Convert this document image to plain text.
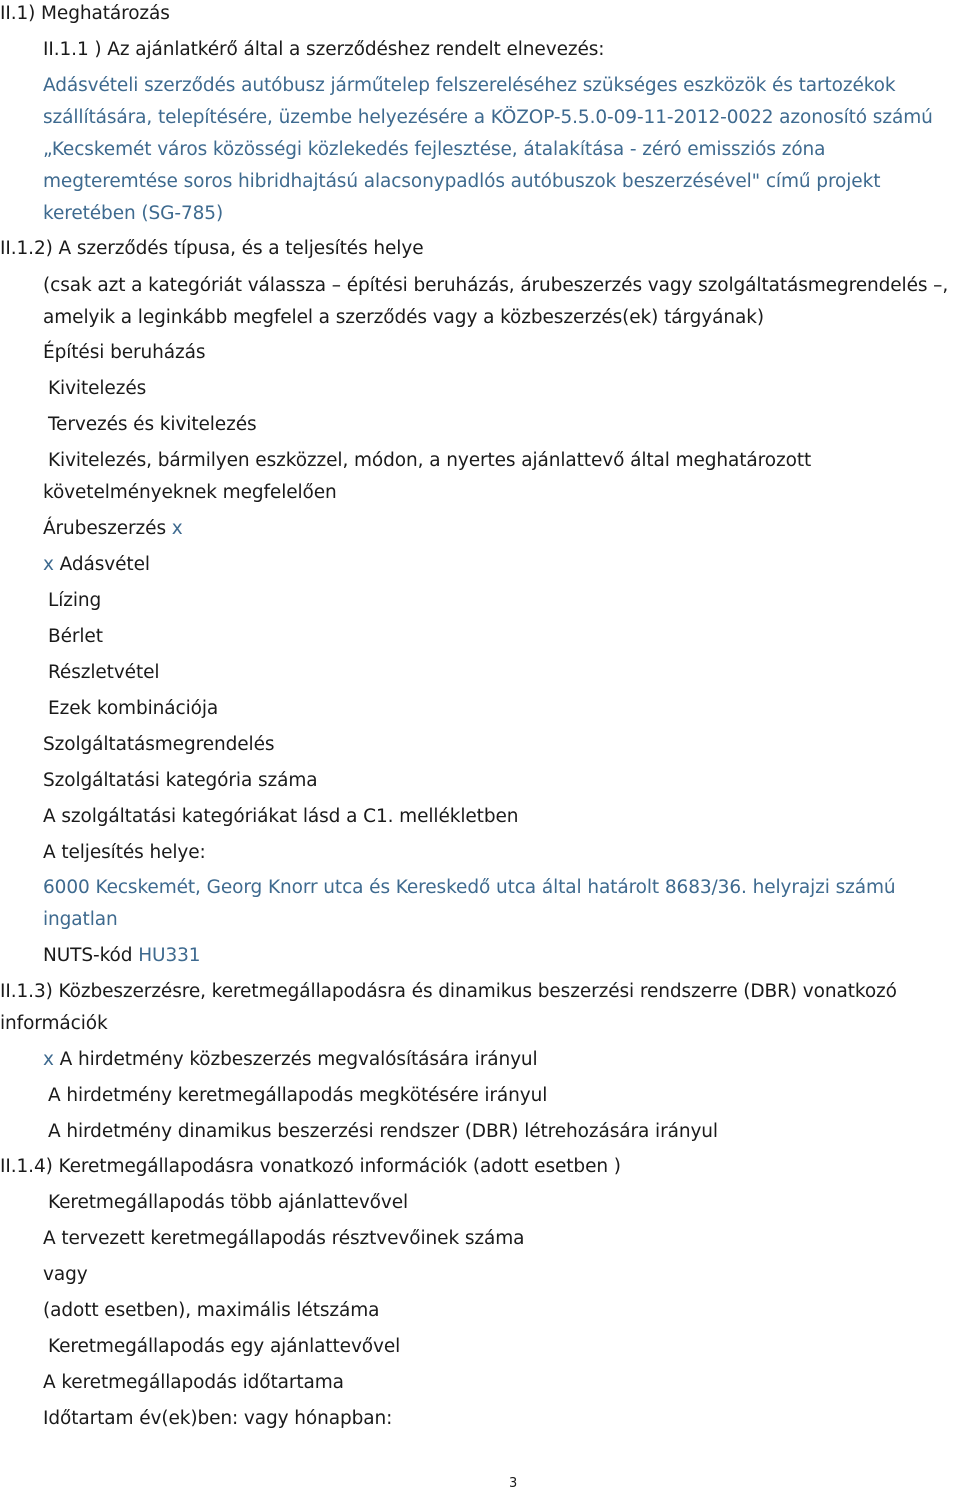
II.1) Meghatározás
II.1.1 ) Az ajánlatkérő által a szerződéshez rendelt elnevezés:
Adásvételi szerződés autóbusz járműtelep felszereléséhez szükséges eszközök és tartozékok
szállítására, telepítésére, üzembe helyezésére a KÖZOP-5.5.0-09-11-2012-0022 azonosító számú
„Kecskemét város közösségi közlekedés fejlesztése, átalakítása - zéró emissziós zóna
megteremtése soros hibridhajtású alacsonypadlós autóbuszok beszerzésével" című projekt
keretében (SG-785)
II.1.2) A szerződés típusa, és a teljesítés helye
(csak azt a kategóriát válassza – építési beruházás, árubeszerzés vagy szolgáltatásmegrendelés –,
amelyik a leginkább megfelel a szerződés vagy a közbeszerzés(ek) tárgyának)
Építési beruházás
Kivitelezés
Tervezés és kivitelezés
Kivitelezés, bármilyen eszközzel, módon, a nyertes ajánlattevő által meghatározott
követelményeknek megfelelően
Árubeszerzés x
x Adásvétel
Lízing
Bérlet
Részletvétel
Ezek kombinációja
Szolgáltatásmegrendelés
Szolgáltatási kategória száma
A szolgáltatási kategóriákat lásd a C1. mellékletben
A teljesítés helye:
6000 Kecskemét, Georg Knorr utca és Kereskedő utca által határolt 8683/36. helyrajzi számú
ingatlan
NUTS-kód HU331
II.1.3) Közbeszerzésre, keretmegállapodásra és dinamikus beszerzési rendszerre (DBR) vonatkozó
információk
x A hirdetmény közbeszerzés megvalósítására irányul
A hirdetmény keretmegállapodás megkötésére irányul
A hirdetmény dinamikus beszerzési rendszer (DBR) létrehozására irányul
II.1.4) Keretmegállapodásra vonatkozó információk (adott esetben )
Keretmegállapodás több ajánlattevővel
A tervezett keretmegállapodás résztvevőinek száma
vagy
(adott esetben), maximális létszáma
Keretmegállapodás egy ajánlattevővel
A keretmegállapodás időtartama
Időtartam év(ek)ben: vagy hónapban:
3
